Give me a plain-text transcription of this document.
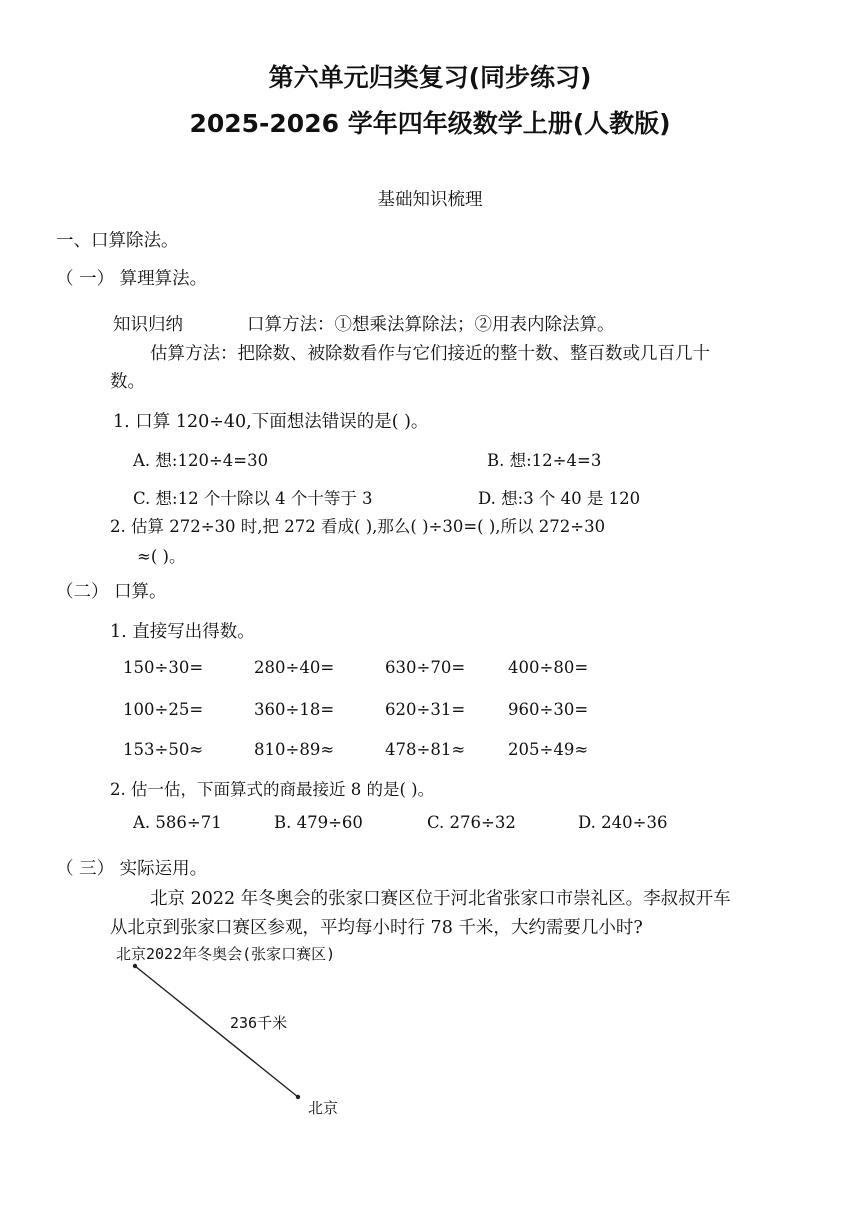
第六单元归类复习(同步练习)
2025-2026 学年四年级数学上册(人教版)
基础知识梳理
一、口算除法。
（ 一） 算理算法。
知识归纳	口算方法：①想乘法算除法；②用表内除法算。
估算方法：把除数、被除数看作与它们接近的整十数、整百数或几百几十
数。
1. 口算 120÷40,下面想法错误的是( )。
A. 想:120÷4=30	B. 想:12÷4=3
C. 想:12 个十除以 4 个十等于 3	D. 想:3 个 40 是 120
2. 估算 272÷30 时,把 272 看成( ),那么( )÷30=( ),所以 272÷30
≈( )。
（二） 口算。
1. 直接写出得数。
150÷30=	280÷40=	630÷70=	400÷80=
100÷25=	360÷18=	620÷31=	960÷30=
153÷50≈	810÷89≈	478÷81≈	205÷49≈
2. 估一估，下面算式的商最接近 8 的是( )。
A. 586÷71	B. 479÷60	C. 276÷32	D. 240÷36
（ 三） 实际运用。
北京 2022 年冬奥会的张家口赛区位于河北省张家口市崇礼区。李叔叔开车
从北京到张家口赛区参观，平均每小时行 78 千米，大约需要几小时?
北京2022年冬奥会(张家口赛区)
236千米
北京
